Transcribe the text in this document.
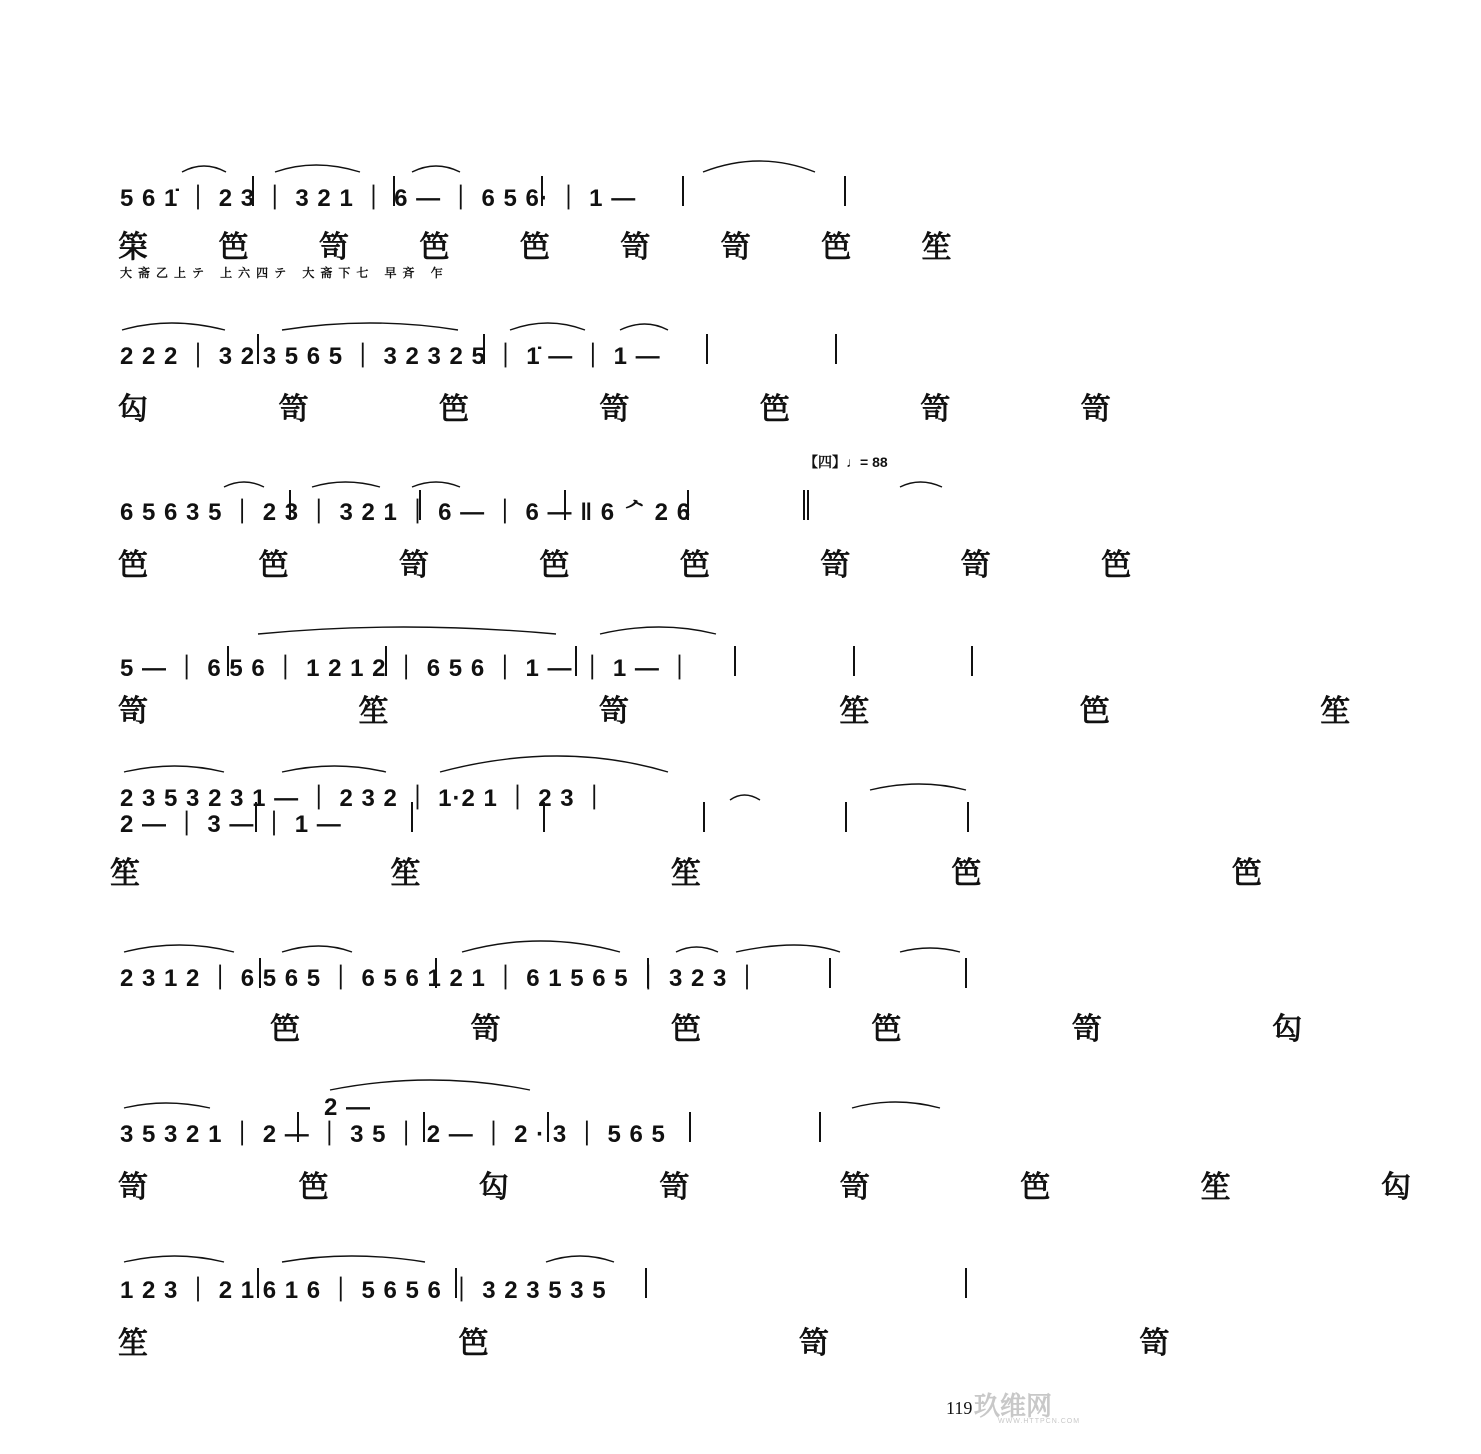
5 6 1̇ ｜ 2 3 ｜ 3 2 1 ｜ 6 — ｜ 6 5 6· ｜ 1 —
筞 笆 笥 笆 笆 笥 笥 笆 笙
2 2 2 ｜ 3 2 3 5 6 5 ｜ 3 2 3 2 5 ｜ 1̇ — ｜ 1 —
匃 笥 笆 笥 笆 笥 笥
【四】♩= 88
6 5 6 3 5 ｜ 2 3 ｜ 3 2 1 ｜ 6 — ｜ 6 — ‖ 6 ᄼ 2 6
笆 笆 笥 笆 笆 笥 笥 笆
5 — ｜ 6 5 6 ｜ 1 2 1 2 ｜ 6 5 6 ｜ 1 — ｜ 1 — ｜
笥 笙 笥 笙 笆 笙
2 3 5 3 2 3 1 — ｜ 2 3 2 ｜ 1·2 1 ｜ 2 3 ｜
2 — ｜ 3 — ｜ 1 —
笙 笙 笙 笆 笆
2 3 1 2 ｜ 6 5 6 5 ｜ 6 5 6 1 2 1 ｜ 6 1 5 6 5 ｜ 3 2 3 ｜
笆 笥 笆 笆 笥 匃
2 —
3 5 3 2 1 ｜ 2 — ｜ 3 5 ｜ 2 — ｜ 2 · 3 ｜ 5 6 5
笥 笆 匃 笥 笥 笆 笙 匃
1 2 3 ｜ 2 1 6 1 6 ｜ 5 6 5 6 ｜ 3 2 3 5 3 5
笙 笆 笥 笥
大斋乙上テ 上六四テ 大斋下七 早斉 乍
119 玖维网
WWW.HTTPCN.COM
